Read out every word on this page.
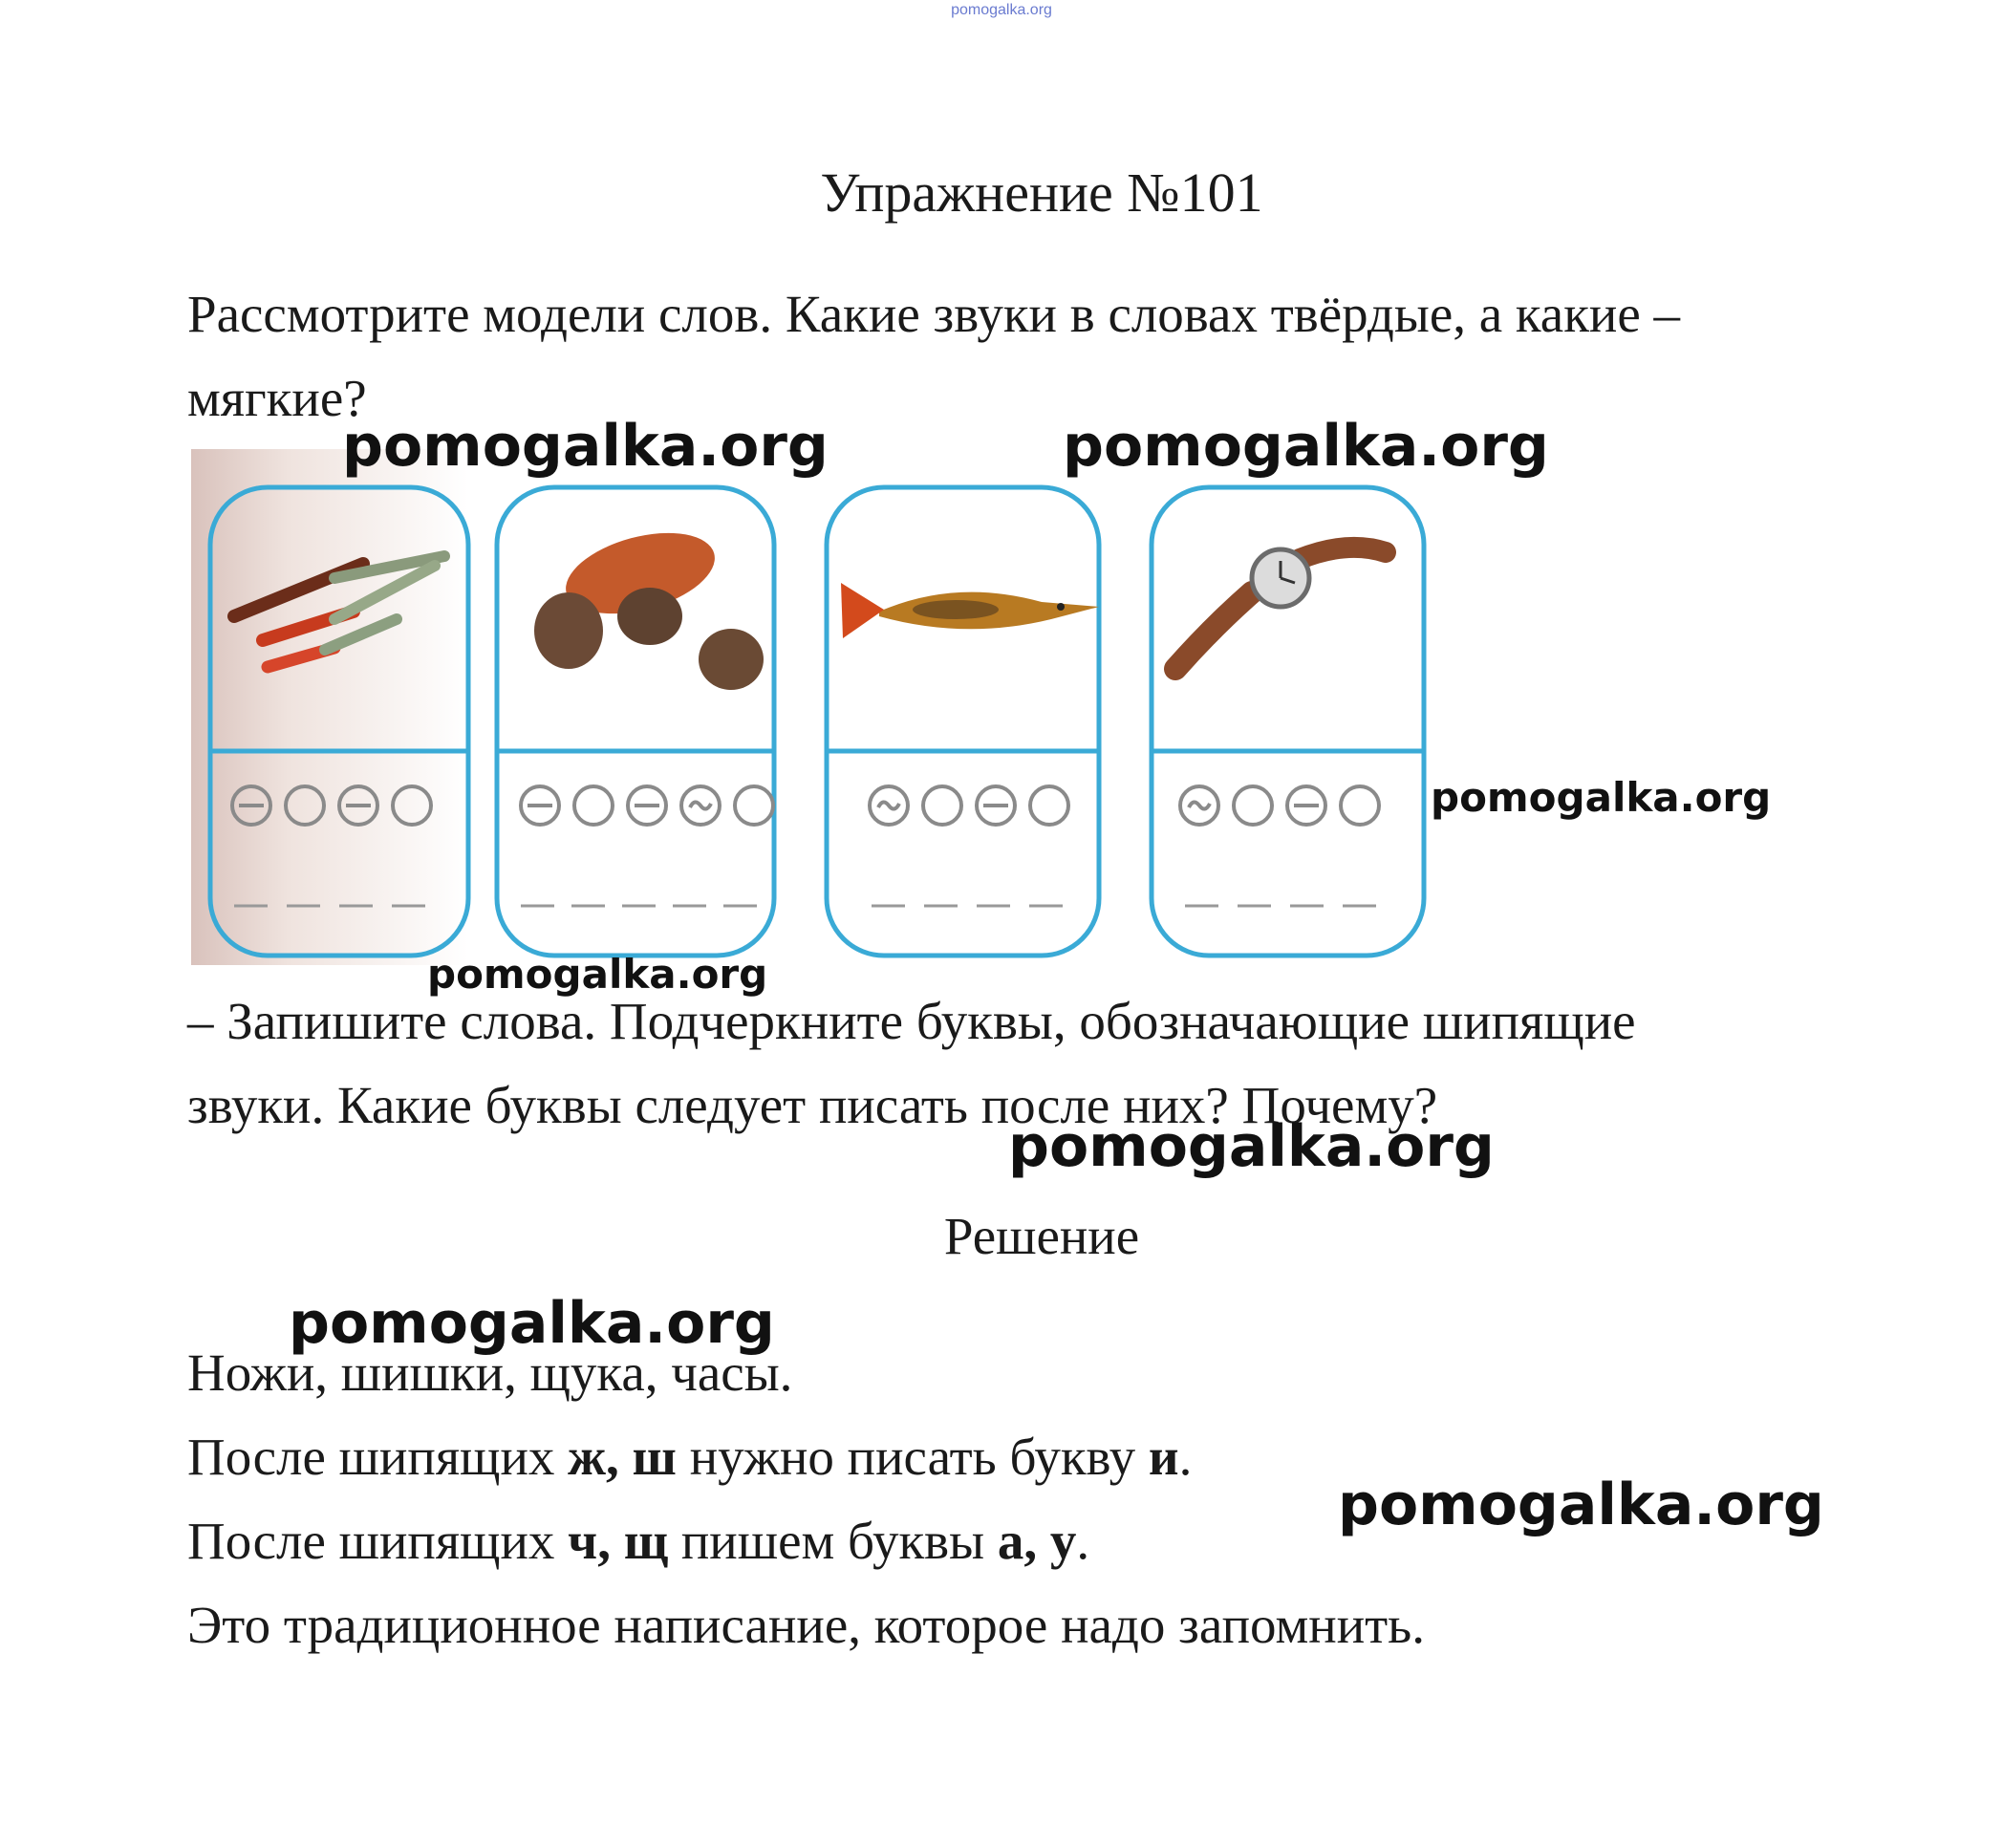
pomogalka.org
Упражнение №101
Рассмотрите модели слов. Какие звуки в словах твёрдые, а какие –
мягкие?
pomogalka.org	pomogalka.org
pomogalka.org
pomogalka.org
– Запишите слова. Подчеркните буквы, обозначающие шипящие
звуки. Какие буквы следует писать после них? Почему?
pomogalka.org
Решение
pomogalka.org
Ножи, шишки, щука, часы.
После шипящих ж, ш нужно писать букву и.
После шипящих ч, щ пишем буквы а, у.
Это традиционное написание, которое надо запомнить.
pomogalka.org
